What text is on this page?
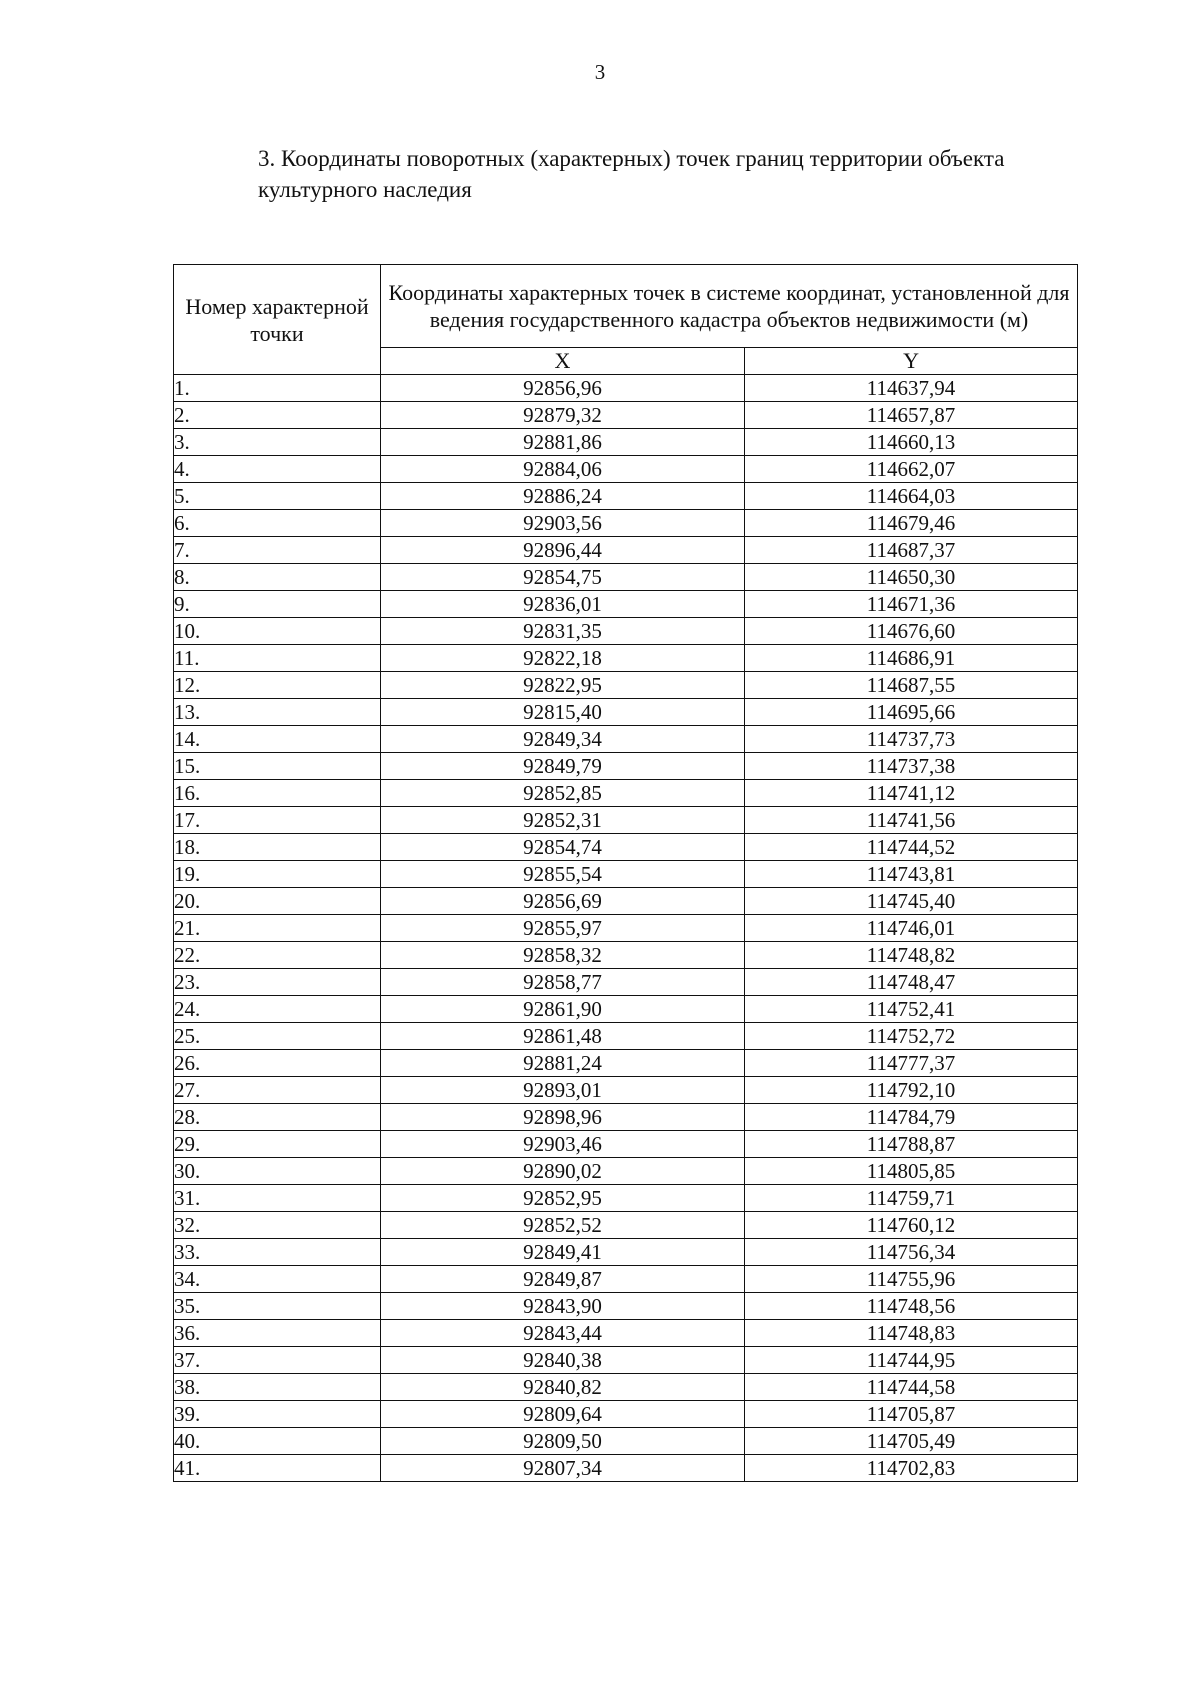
3
3. Координаты поворотных (характерных) точек границ территории объекта культурного наследия
Номер характерной точки	Координаты характерных точек в системе координат, установленной для ведения государственного кадастра объектов недвижимости (м)	
	X	Y
1.	92856,96	114637,94
2.	92879,32	114657,87
3.	92881,86	114660,13
4.	92884,06	114662,07
5.	92886,24	114664,03
6.	92903,56	114679,46
7.	92896,44	114687,37
8.	92854,75	114650,30
9.	92836,01	114671,36
10.	92831,35	114676,60
11.	92822,18	114686,91
12.	92822,95	114687,55
13.	92815,40	114695,66
14.	92849,34	114737,73
15.	92849,79	114737,38
16.	92852,85	114741,12
17.	92852,31	114741,56
18.	92854,74	114744,52
19.	92855,54	114743,81
20.	92856,69	114745,40
21.	92855,97	114746,01
22.	92858,32	114748,82
23.	92858,77	114748,47
24.	92861,90	114752,41
25.	92861,48	114752,72
26.	92881,24	114777,37
27.	92893,01	114792,10
28.	92898,96	114784,79
29.	92903,46	114788,87
30.	92890,02	114805,85
31.	92852,95	114759,71
32.	92852,52	114760,12
33.	92849,41	114756,34
34.	92849,87	114755,96
35.	92843,90	114748,56
36.	92843,44	114748,83
37.	92840,38	114744,95
38.	92840,82	114744,58
39.	92809,64	114705,87
40.	92809,50	114705,49
41.	92807,34	114702,83
